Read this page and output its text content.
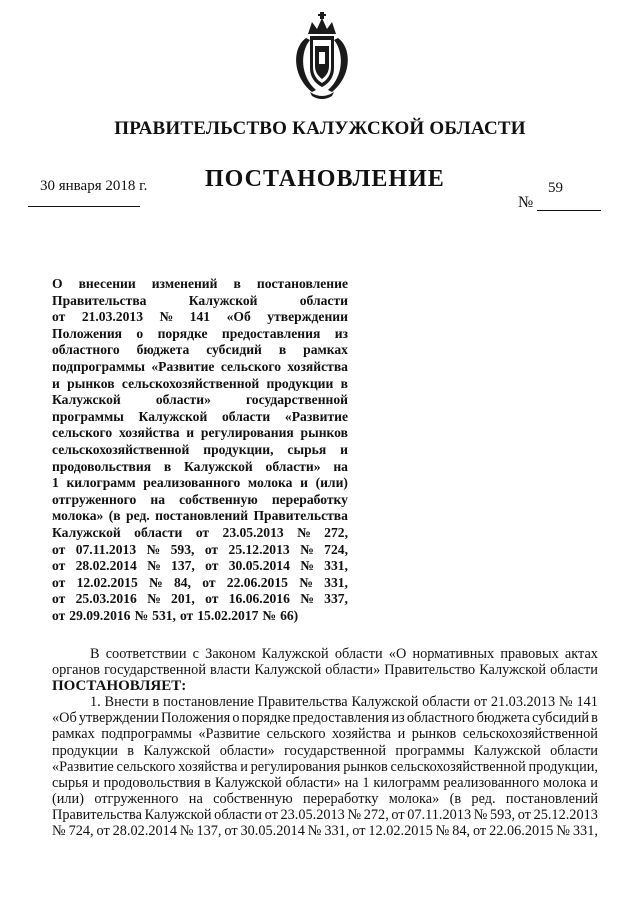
ПРАВИТЕЛЬСТВО КАЛУЖСКОЙ ОБЛАСТИ
30 января 2018 г. ПОСТАНОВЛЕНИЕ	59
№
О внесении изменений в постановление
Правительства	Калужской	области
от 21.03.2013 № 141 «Об утверждении
Положения о порядке предоставления из
областного бюджета субсидий в рамках
подпрограммы «Развитие сельского хозяйства
и рынков сельскохозяйственной продукции в
Калужской	области»	государственной
программы Калужской области «Развитие
сельского хозяйства и регулирования рынков
сельскохозяйственной продукции, сырья и
продовольствия в Калужской области» на
1 килограмм реализованного молока и (или)
отгруженного на собственную переработку
молока» (в ред. постановлений Правительства
Калужской области от 23.05.2013 № 272,
от 07.11.2013 № 593, от 25.12.2013 № 724,
от 28.02.2014 № 137, от 30.05.2014 № 331,
от 12.02.2015 № 84, от 22.06.2015 № 331,
от 25.03.2016 № 201, от 16.06.2016 № 337,
от 29.09.2016 № 531, от 15.02.2017 № 66)
В соответствии с Законом Калужской области «О нормативных правовых актах
органов государственной власти Калужской области» Правительство Калужской области
ПОСТАНОВЛЯЕТ:
1. Внести в постановление Правительства Калужской области от 21.03.2013 № 141
«Об утверждении Положения о порядке предоставления из областного бюджета субсидий в
рамках подпрограммы «Развитие сельского хозяйства и рынков сельскохозяйственной
продукции в Калужской области» государственной программы Калужской области
«Развитие сельского хозяйства и регулирования рынков сельскохозяйственной продукции,
сырья и продовольствия в Калужской области» на 1 килограмм реализованного молока и
(или) отгруженного на собственную переработку молока» (в ред. постановлений
Правительства Калужской области от 23.05.2013 № 272, от 07.11.2013 № 593, от 25.12.2013
№ 724, от 28.02.2014 № 137, от 30.05.2014 № 331, от 12.02.2015 № 84, от 22.06.2015 № 331,
